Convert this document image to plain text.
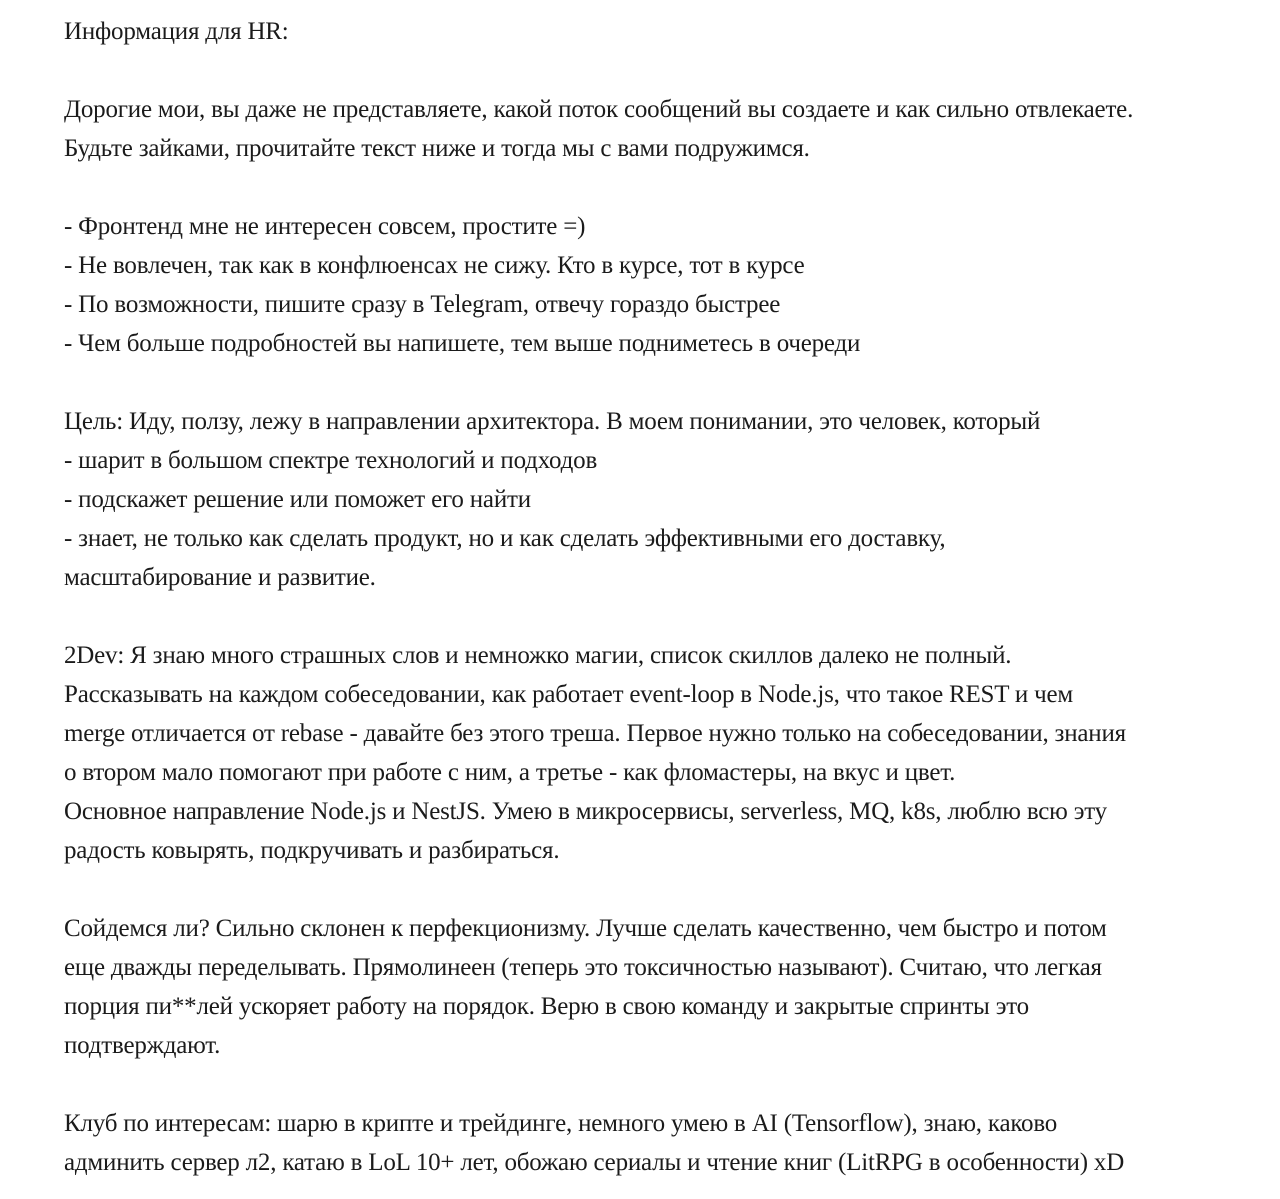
Информация для HR:
Дорогие мои, вы даже не представляете, какой поток сообщений вы создаете и как сильно отвлекаете.
Будьте зайками, прочитайте текст ниже и тогда мы с вами подружимся.
- Фронтенд мне не интересен совсем, простите =)
- Не вовлечен, так как в конфлюенсах не сижу. Кто в курсе, тот в курсе
- По возможности, пишите сразу в Telegram, отвечу гораздо быстрее
- Чем больше подробностей вы напишете, тем выше подниметесь в очереди
Цель: Иду, ползу, лежу в направлении архитектора. В моем понимании, это человек, который
- шарит в большом спектре технологий и подходов
- подскажет решение или поможет его найти
- знает, не только как сделать продукт, но и как сделать эффективными его доставку,
масштабирование и развитие.
2Dev: Я знаю много страшных слов и немножко магии, список скиллов далеко не полный.
Рассказывать на каждом собеседовании, как работает event-loop в Node.js, что такое REST и чем
merge отличается от rebase - давайте без этого треша. Первое нужно только на собеседовании, знания
о втором мало помогают при работе с ним, а третье - как фломастеры, на вкус и цвет.
Основное направление Node.js и NestJS. Умею в микросервисы, serverless, MQ, k8s, люблю всю эту
радость ковырять, подкручивать и разбираться.
Сойдемся ли? Сильно склонен к перфекционизму. Лучше сделать качественно, чем быстро и потом
еще дважды переделывать. Прямолинеен (теперь это токсичностью называют). Считаю, что легкая
порция пи**лей ускоряет работу на порядок. Верю в свою команду и закрытые спринты это
подтверждают.
Клуб по интересам: шарю в крипте и трейдинге, немного умею в AI (Tensorflow), знаю, каково
админить сервер л2, катаю в LoL 10+ лет, обожаю сериалы и чтение книг (LitRPG в особенности) xD
